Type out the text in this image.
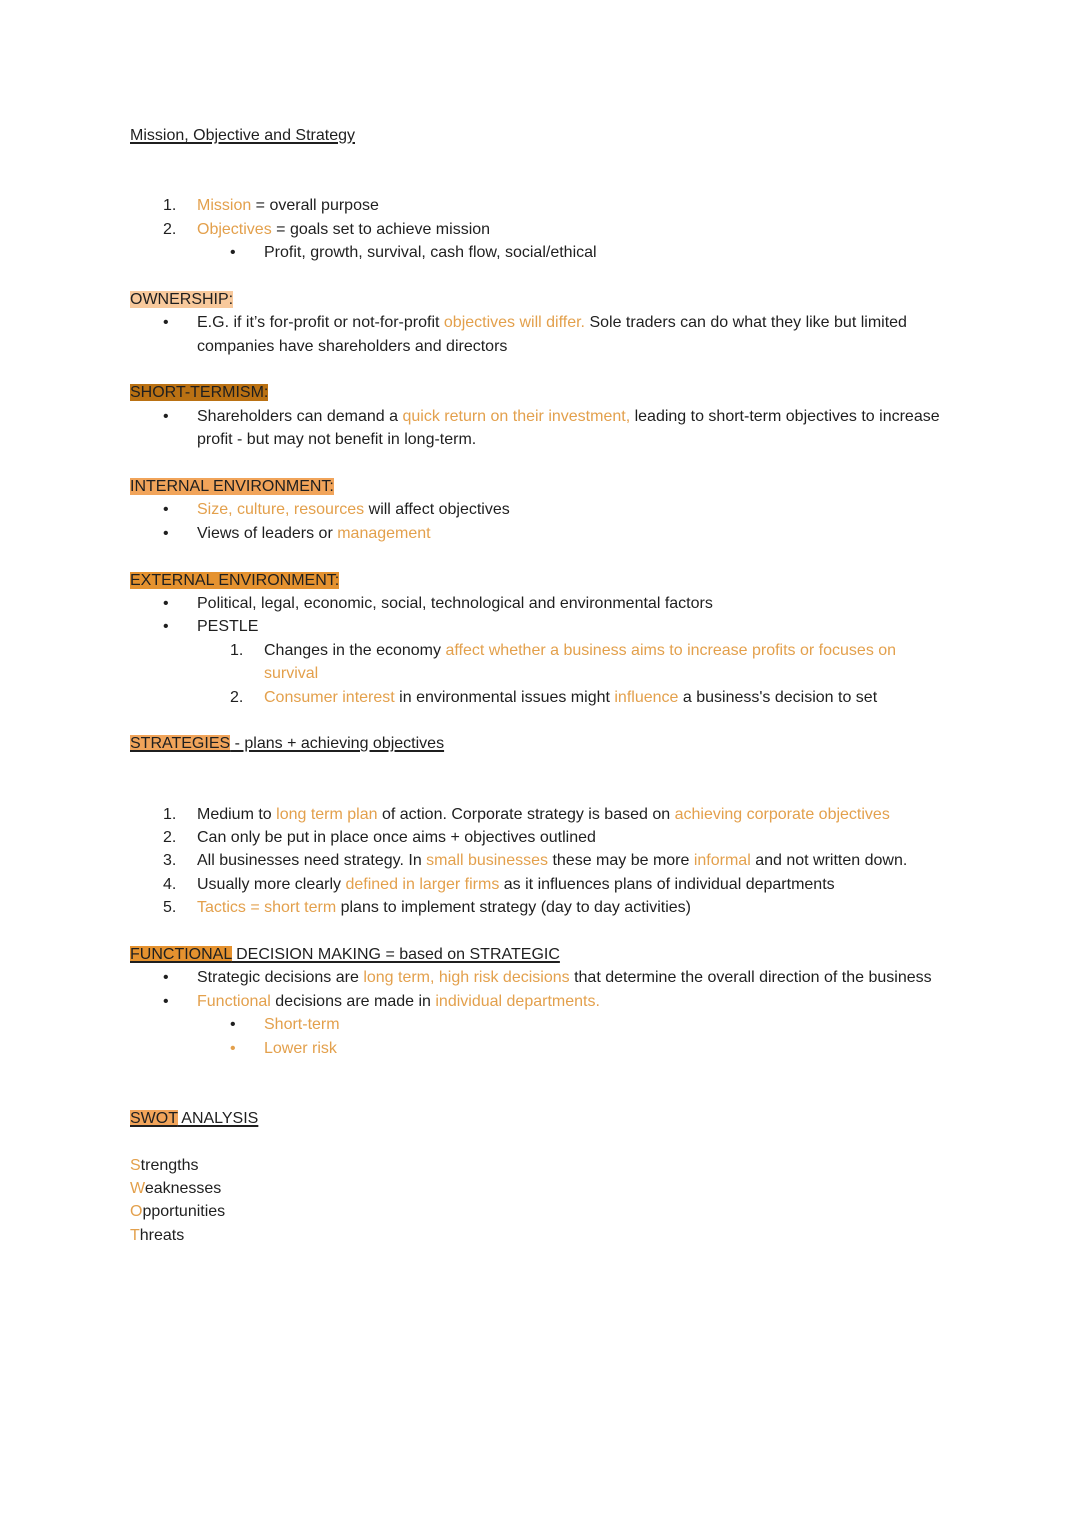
Mission, Objective and Strategy
1.	Mission = overall purpose
2.	Objectives = goals set to achieve mission
•	Profit, growth, survival, cash flow, social/ethical
OWNERSHIP:
•	E.G. if it’s for-profit or not-for-profit objectives will differ. Sole traders can do what they like but limited companies have shareholders and directors
SHORT-TERMISM:
•	Shareholders can demand a quick return on their investment, leading to short-term objectives to increase profit - but may not benefit in long-term.
INTERNAL ENVIRONMENT:
•	Size, culture, resources will affect objectives
•	Views of leaders or management
EXTERNAL ENVIRONMENT:
•	Political, legal, economic, social, technological and environmental factors
•	PESTLE
1.	Changes in the economy affect whether a business aims to increase profits or focuses on survival
2.	Consumer interest in environmental issues might influence a business's decision to set
STRATEGIES - plans + achieving objectives
1.	Medium to long term plan of action. Corporate strategy is based on achieving corporate objectives
2.	Can only be put in place once aims + objectives outlined
3.	All businesses need strategy. In small businesses these may be more informal and not written down.
4.	Usually more clearly defined in larger firms as it influences plans of individual departments
5.	Tactics = short term plans to implement strategy (day to day activities)
FUNCTIONAL DECISION MAKING = based on STRATEGIC
•	Strategic decisions are long term, high risk decisions that determine the overall direction of the business
•	Functional decisions are made in individual departments.
•	Short-term
•	Lower risk
SWOT ANALYSIS
Strengths
Weaknesses
Opportunities
Threats
